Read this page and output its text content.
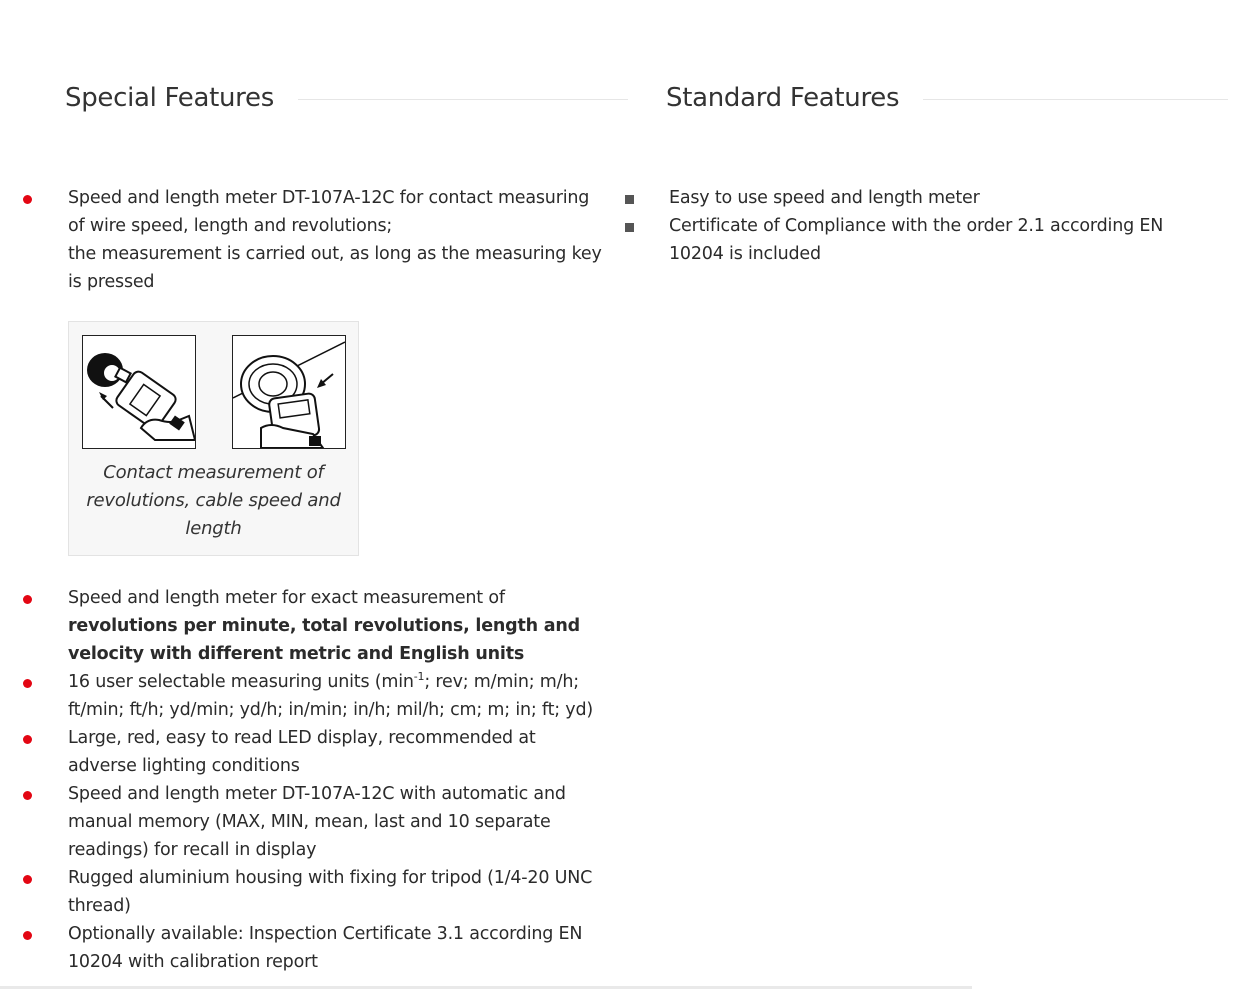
Special Features	Standard Features
Speed and length meter DT-107A-12C for contact measuring of wire speed, length and revolutions;
the measurement is carried out, as long as the measuring key is pressed
Contact measurement of revolutions, cable speed and length
Speed and length meter for exact measurement of revolutions per minute, total revolutions, length and velocity with different metric and English units
16 user selectable measuring units ($\min^{-1}$; rev; m/min; m/h; ft/min; ft/h; yd/min; yd/h; in/min; in/h; mil/h; cm; m; in; ft; yd)
Large, red, easy to read LED display, recommended at adverse lighting conditions
Speed and length meter DT-107A-12C with automatic and manual memory (MAX, MIN, mean, last and 10 separate readings) for recall in display
Rugged aluminium housing with fixing for tripod (1/4-20 UNC thread)
Optionally available: Inspection Certificate 3.1 according EN 10204 with calibration report
Easy to use speed and length meter
Certificate of Compliance with the order 2.1 according EN 10204 is included
